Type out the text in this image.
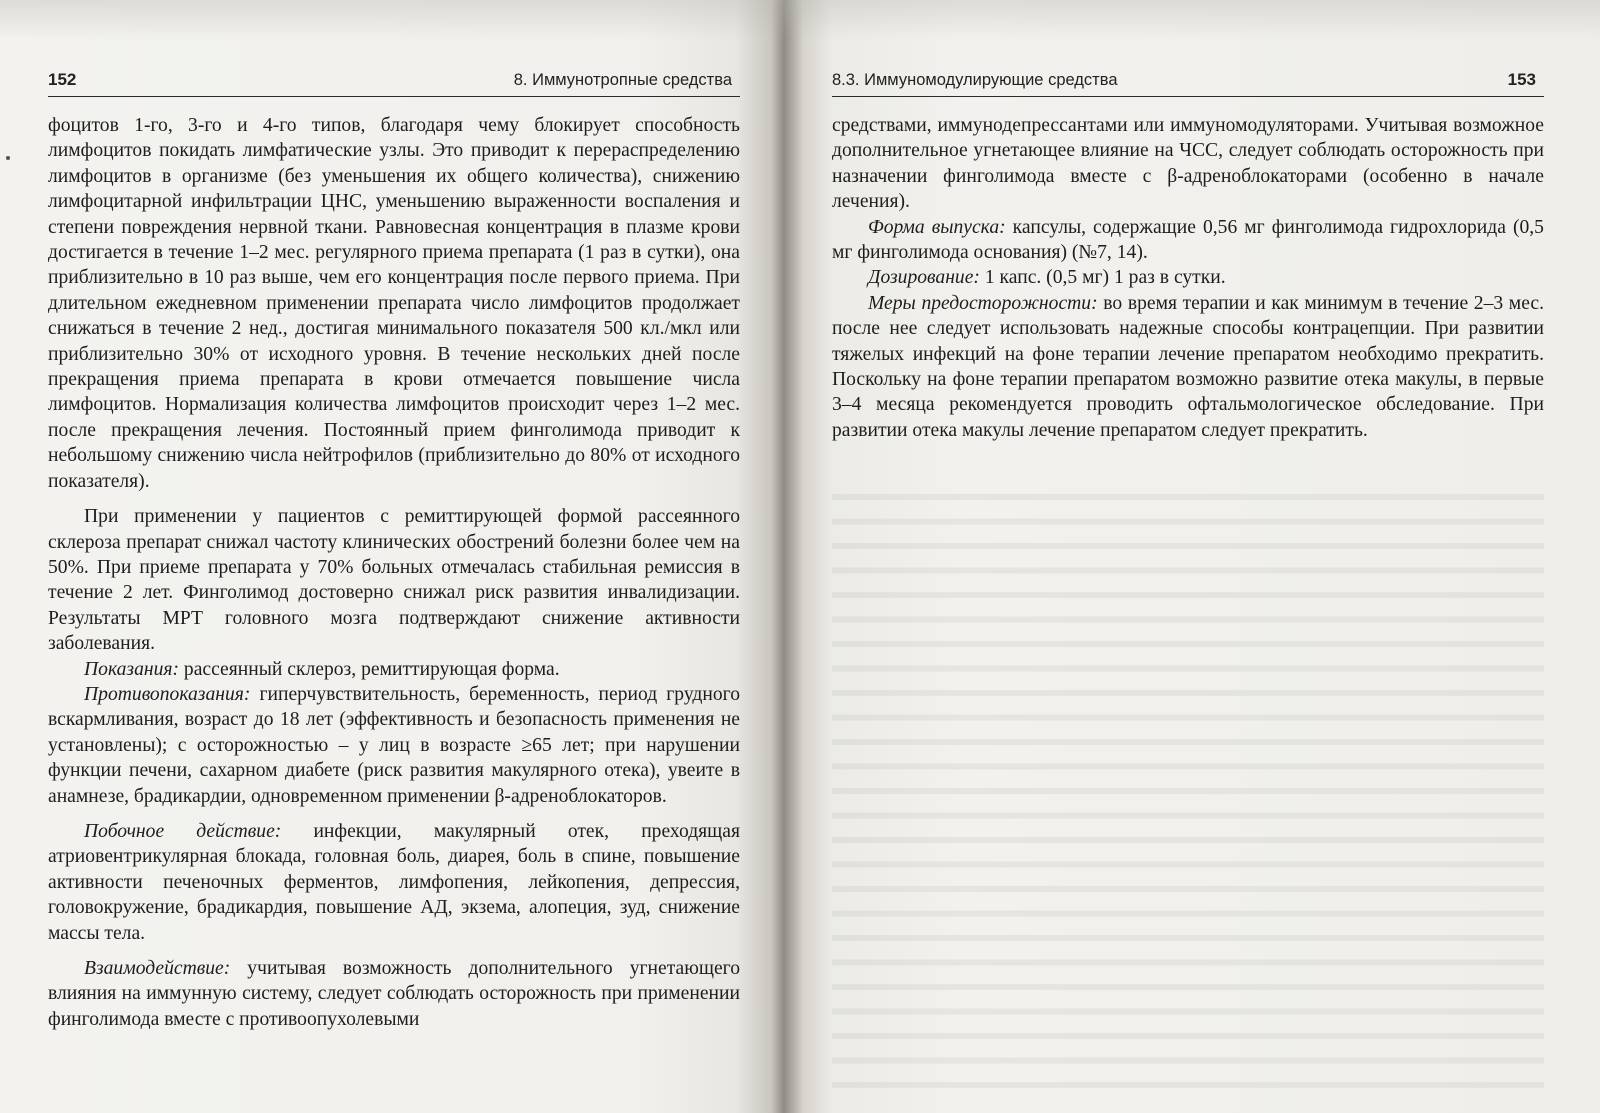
152	8. Иммунотропные средства

фоцитов 1-го, 3-го и 4-го типов, благодаря чему блокирует способность лимфоцитов покидать лимфатические узлы. Это приводит к перераспределению лимфоцитов в организме (без уменьшения их общего количества), снижению лимфоцитарной инфильтрации ЦНС, уменьшению выраженности воспаления и степени повреждения нервной ткани. Равновесная концентрация в плазме крови достигается в течение 1–2 мес. регулярного приема препарата (1 раз в сутки), она приблизительно в 10 раз выше, чем его концентрация после первого приема. При длительном ежедневном применении препарата число лимфоцитов продолжает снижаться в течение 2 нед., достигая минимального показателя 500 кл./мкл или приблизительно 30% от исходного уровня. В течение нескольких дней после прекращения приема препарата в крови отмечается повышение числа лимфоцитов. Нормализация количества лимфоцитов происходит через 1–2 мес. после прекращения лечения. Постоянный прием финголимода приводит к небольшому снижению числа нейтрофилов (приблизительно до 80% от исходного показателя).

При применении у пациентов с ремиттирующей формой рассеянного склероза препарат снижал частоту клинических обострений болезни более чем на 50%. При приеме препарата у 70% больных отмечалась стабильная ремиссия в течение 2 лет. Финголимод достоверно снижал риск развития инвалидизации. Результаты МРТ головного мозга подтверждают снижение активности заболевания.

Показания: рассеянный склероз, ремиттирующая форма.

Противопоказания: гиперчувствительность, беременность, период грудного вскармливания, возраст до 18 лет (эффективность и безопасность применения не установлены); с осторожностью – у лиц в возрасте ≥65 лет; при нарушении функции печени, сахарном диабете (риск развития макулярного отека), увеите в анамнезе, брадикардии, одновременном применении β-адреноблокаторов.

Побочное действие: инфекции, макулярный отек, преходящая атриовентрикулярная блокада, головная боль, диарея, боль в спине, повышение активности печеночных ферментов, лимфопения, лейкопения, депрессия, головокружение, брадикардия, повышение АД, экзема, алопеция, зуд, снижение массы тела.

Взаимодействие: учитывая возможность дополнительного угнетающего влияния на иммунную систему, следует соблюдать осторожность при применении финголимода вместе с противоопухолевыми

8.3. Иммуномодулирующие средства	153

средствами, иммунодепрессантами или иммуномодуляторами. Учитывая возможное дополнительное угнетающее влияние на ЧСС, следует соблюдать осторожность при назначении финголимода вместе с β-адреноблокаторами (особенно в начале лечения).

Форма выпуска: капсулы, содержащие 0,56 мг финголимода гидрохлорида (0,5 мг финголимода основания) (№7, 14).

Дозирование: 1 капс. (0,5 мг) 1 раз в сутки.

Меры предосторожности: во время терапии и как минимум в течение 2–3 мес. после нее следует использовать надежные способы контрацепции. При развитии тяжелых инфекций на фоне терапии лечение препаратом необходимо прекратить. Поскольку на фоне терапии препаратом возможно развитие отека макулы, в первые 3–4 месяца рекомендуется проводить офтальмологическое обследование. При развитии отека макулы лечение препаратом следует прекратить.
